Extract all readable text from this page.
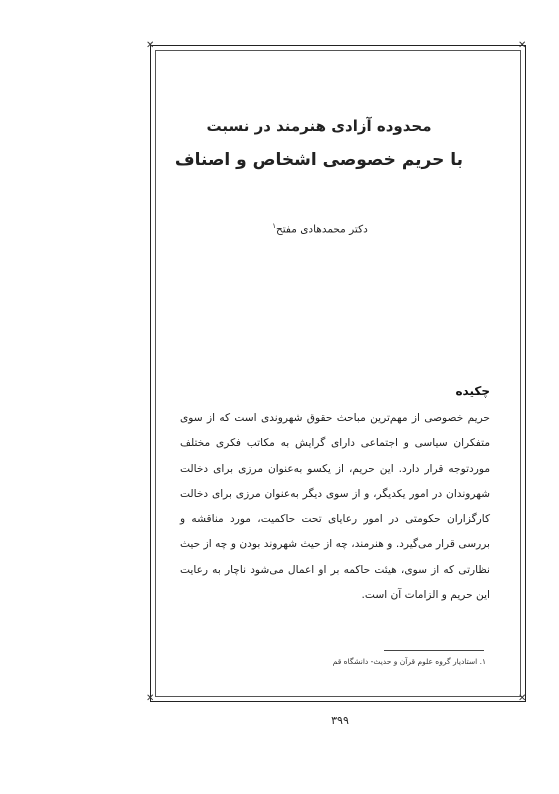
✕	✕
✕	✕
محدوده آزادی هنرمند در نسبت
با حریم خصوصی اشخاص و اصناف
دکتر محمدهادی مفتح$^۱$
چکیده

حریم خصوصی از مهم‌ترین مباحث حقوق شهروندی است که از سوی متفکران سیاسی و اجتماعی دارای گرایش به مکاتب فکری مختلف موردتوجه قرار دارد. این حریم، از یکسو به‌عنوان مرزی برای دخالت شهروندان در امور یکدیگر، و از سوی دیگر به‌عنوان مرزی برای دخالت کارگزاران حکومتی در امور رعایای تحت حاکمیت، مورد مناقشه و بررسی قرار می‌گیرد. و هنرمند، چه از حیث شهروند بودن و چه از حیث نظارتی که از سوی، هیئت حاکمه بر او اعمال می‌شود ناچار به رعایت این حریم و الزامات آن است.

۱. استادیار گروه علوم قرآن و حدیث- دانشگاه قم
۳۹۹
